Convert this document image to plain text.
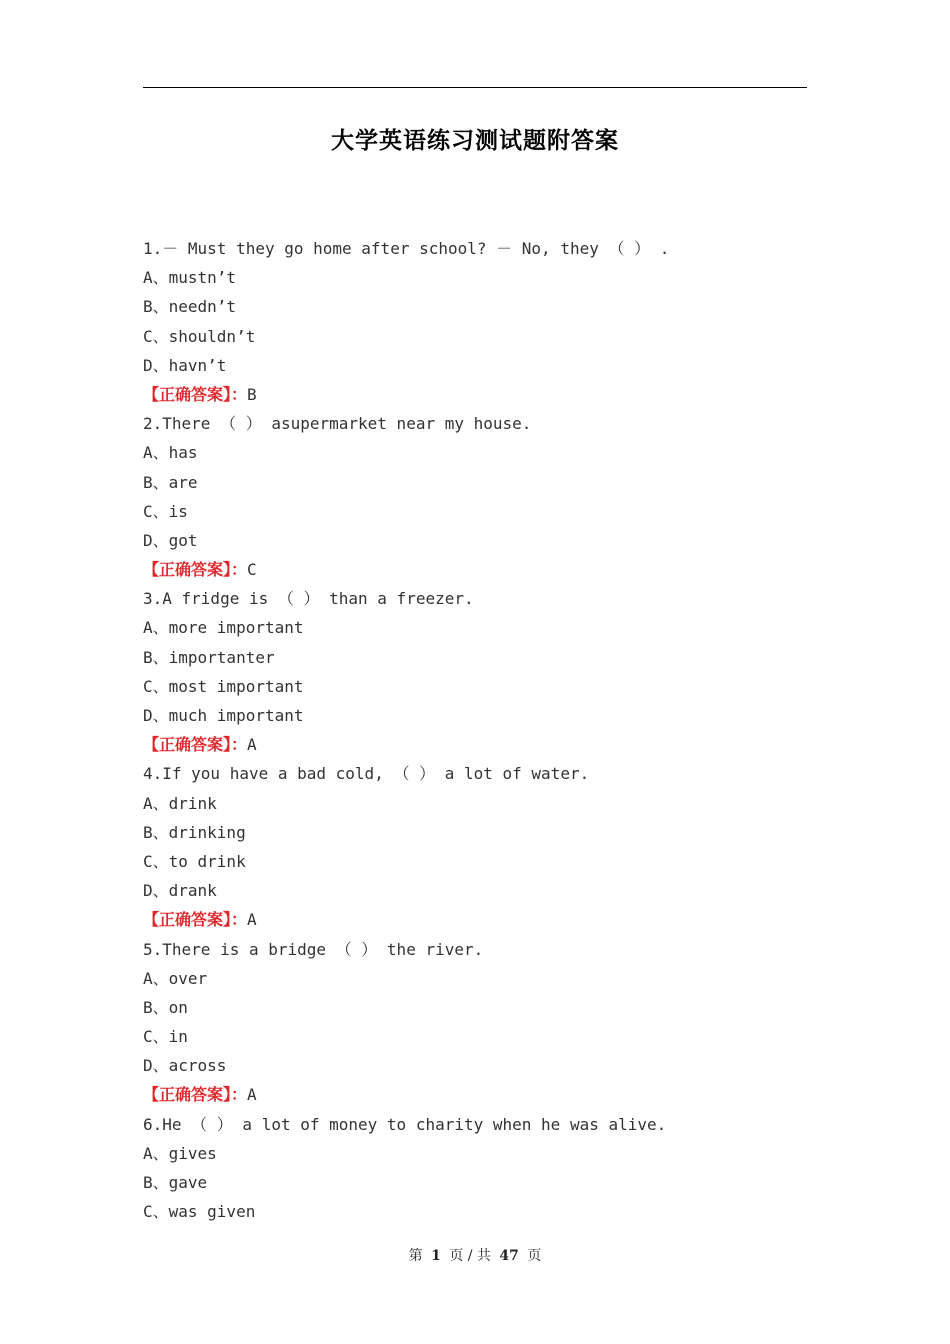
大学英语练习测试题附答案
1.－ Must they go home after school? － No, they （ ） .
A、mustn’t
B、needn’t
C、shouldn’t
D、havn’t
【正确答案】：B
2.There （ ） asupermarket near my house.
A、has
B、are
C、is
D、got
【正确答案】：C
3.A fridge is （ ） than a freezer.
A、more important
B、importanter
C、most important
D、much important
【正确答案】：A
4.If you have a bad cold, （ ） a lot of water.
A、drink
B、drinking
C、to drink
D、drank
【正确答案】：A
5.There is a bridge （ ） the river.
A、over
B、on
C、in
D、across
【正确答案】：A
6.He （ ） a lot of money to charity when he was alive.
A、gives
B、gave
C、was given
第 1 页 / 共 47 页
